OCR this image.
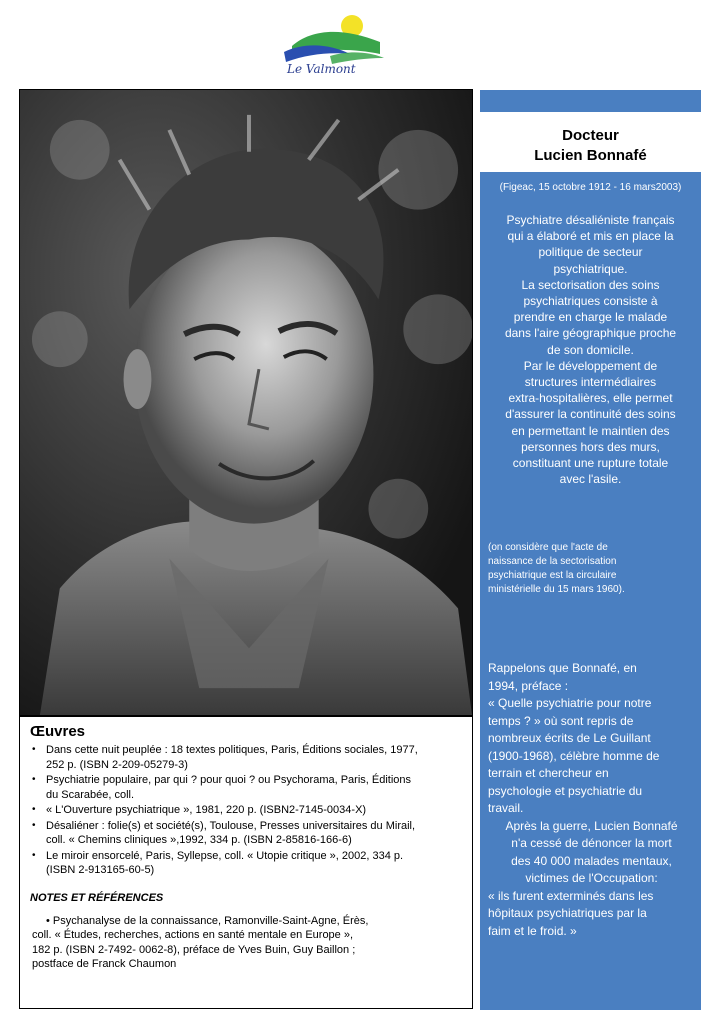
Le Valmont
Docteur
Lucien Bonnafé
(Figeac, 15 octobre 1912 - 16 mars2003)
Psychiatre désaliéniste français
qui a élaboré et mis en place la
politique de secteur
psychiatrique.
La sectorisation des soins
psychiatriques consiste à
prendre en charge le malade
dans l'aire géographique proche
de son domicile.
Par le développement de
structures intermédiaires
extra-hospitalières, elle permet
d'assurer la continuité des soins
en permettant le maintien des
personnes hors des murs,
constituant une rupture totale
avec l'asile.
(on considère que l'acte de
naissance de la sectorisation
psychiatrique est la circulaire
ministérielle du 15 mars 1960).
Rappelons que Bonnafé, en
1994, préface :
« Quelle psychiatrie pour notre
temps ? » où sont repris de
nombreux écrits de Le Guillant
(1900-1968), célèbre homme de
terrain et chercheur en
psychologie et psychiatrie du
travail.
Après la guerre, Lucien Bonnafé
n'a cessé de dénoncer la mort
des 40 000 malades mentaux,
victimes de l'Occupation:
« ils furent exterminés dans les
hôpitaux psychiatriques par la
faim et le froid. »
Œuvres
• Dans cette nuit peuplée : 18 textes politiques, Paris, Éditions sociales, 1977,
252 p. (ISBN 2-209-05279-3)
• Psychiatrie populaire, par qui ? pour quoi ? ou Psychorama, Paris, Éditions
du Scarabée, coll.
• « L'Ouverture psychiatrique », 1981, 220 p. (ISBN2-7145-0034-X)
• Désaliéner : folie(s) et société(s), Toulouse, Presses universitaires du Mirail,
coll. « Chemins cliniques »,1992, 334 p. (ISBN 2-85816-166-6)
• Le miroir ensorcelé, Paris, Syllepse, coll. « Utopie critique », 2002, 334 p.
(ISBN 2-913165-60-5)
NOTES ET RÉFÉRENCES
• Psychanalyse de la connaissance, Ramonville-Saint-Agne, Érès,
coll. « Études, recherches, actions en santé mentale en Europe »,
182 p. (ISBN 2-7492- 0062-8), préface de Yves Buin, Guy Baillon ;
postface de Franck Chaumon
